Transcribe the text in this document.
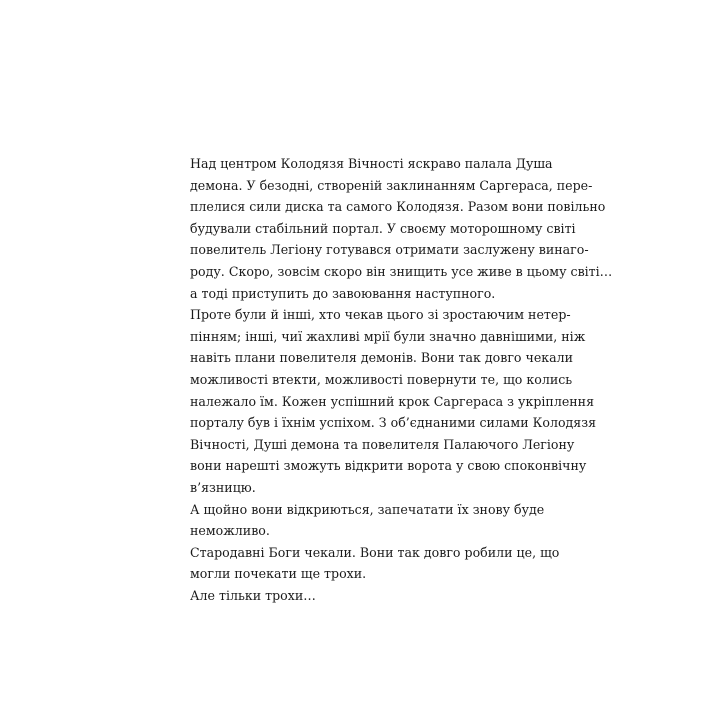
Над центром Колодязя Вічності яскраво палала Душа
демона. У безодні, створеній заклинанням Саргераса, пере-
плелися сили диска та самого Колодязя. Разом вони повільно
будували стабільний портал. У своєму моторошному світі
повелитель Легіону готувався отримати заслужену винаго-
роду. Скоро, зовсім скоро він знищить усе живе в цьому світі…
а тоді приступить до завоювання наступного.
Проте були й інші, хто чекав цього зі зростаючим нетер-
пінням; інші, чиї жахливі мрії були значно давнішими, ніж
навіть плани повелителя демонів. Вони так довго чекали
можливості втекти, можливості повернути те, що колись
належало їм. Кожен успішний крок Саргераса з укріплення
порталу був і їхнім успіхом. З об’єднаними силами Колодязя
Вічності, Душі демона та повелителя Палаючого Легіону
вони нарешті зможуть відкрити ворота у свою споконвічну
в’язницю.
А щойно вони відкриються, запечатати їх знову буде
неможливо.
Стародавні Боги чекали. Вони так довго робили це, що
могли почекати ще трохи.
Але тільки трохи…
